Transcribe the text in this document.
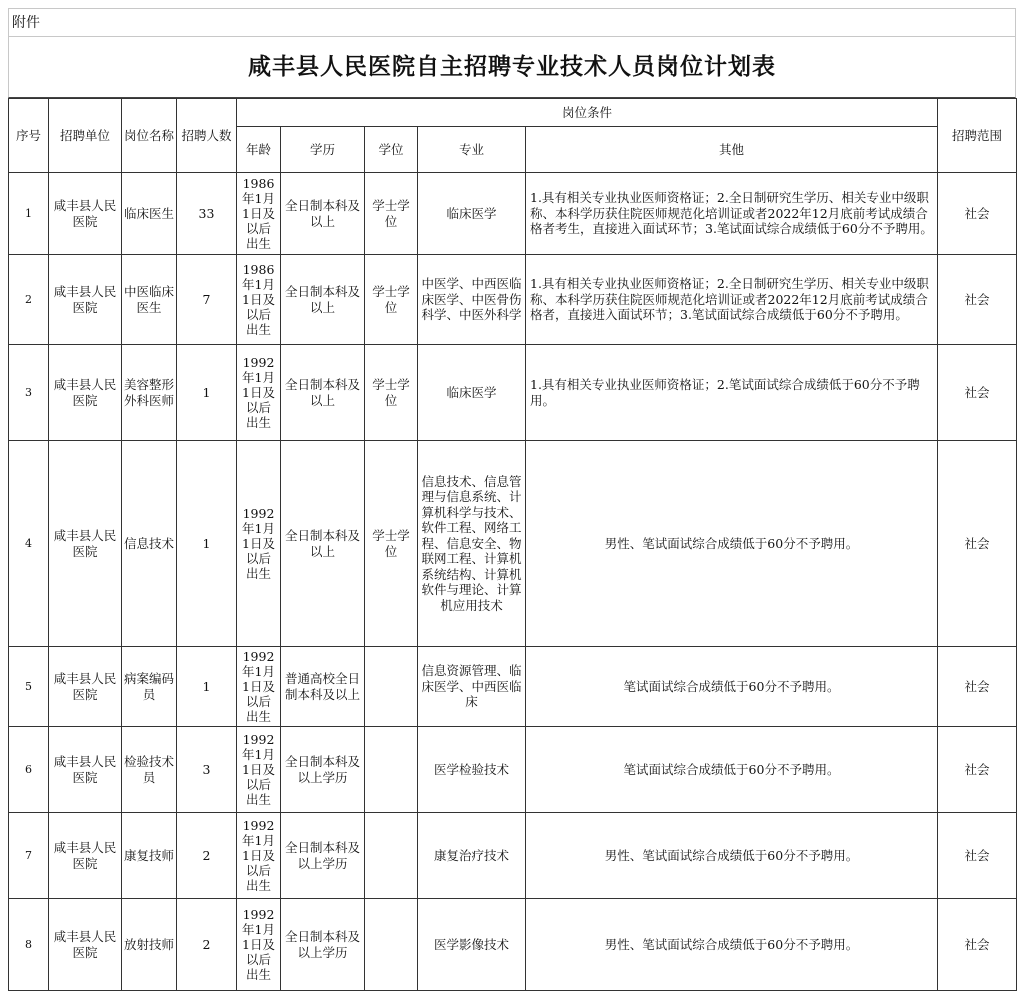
附件
咸丰县人民医院自主招聘专业技术人员岗位计划表
序号	招聘单位	岗位名称	招聘人数	岗位条件					招聘范围
				年龄	学历	学位	专业	其他	
1	咸丰县人民医院	临床医生	33	1986年1月1日及以后出生	全日制本科及以上	学士学位	临床医学	1.具有相关专业执业医师资格证；2.全日制研究生学历、相关专业中级职称、本科学历获住院医师规范化培训证或者2022年12月底前考试成绩合格者考生，直接进入面试环节；3.笔试面试综合成绩低于60分不予聘用。	社会
2	咸丰县人民医院	中医临床医生	7	1986年1月1日及以后出生	全日制本科及以上	学士学位	中医学、中西医临床医学、中医骨伤科学、中医外科学	1.具有相关专业执业医师资格证；2.全日制研究生学历、相关专业中级职称、本科学历获住院医师规范化培训证或者2022年12月底前考试成绩合格者，直接进入面试环节；3.笔试面试综合成绩低于60分不予聘用。	社会
3	咸丰县人民医院	美容整形外科医师	1	1992年1月1日及以后出生	全日制本科及以上	学士学位	临床医学	1.具有相关专业执业医师资格证；2.笔试面试综合成绩低于60分不予聘用。	社会
4	咸丰县人民医院	信息技术	1	1992年1月1日及以后出生	全日制本科及以上	学士学位	信息技术、信息管理与信息系统、计算机科学与技术、软件工程、网络工程、信息安全、物联网工程、计算机系统结构、计算机软件与理论、计算机应用技术	男性、笔试面试综合成绩低于60分不予聘用。	社会
5	咸丰县人民医院	病案编码员	1	1992年1月1日及以后出生	普通高校全日制本科及以上		信息资源管理、临床医学、中西医临床	笔试面试综合成绩低于60分不予聘用。	社会
6	咸丰县人民医院	检验技术员	3	1992年1月1日及以后出生	全日制本科及以上学历		医学检验技术	笔试面试综合成绩低于60分不予聘用。	社会
7	咸丰县人民医院	康复技师	2	1992年1月1日及以后出生	全日制本科及以上学历		康复治疗技术	男性、笔试面试综合成绩低于60分不予聘用。	社会
8	咸丰县人民医院	放射技师	2	1992年1月1日及以后出生	全日制本科及以上学历		医学影像技术	男性、笔试面试综合成绩低于60分不予聘用。	社会
